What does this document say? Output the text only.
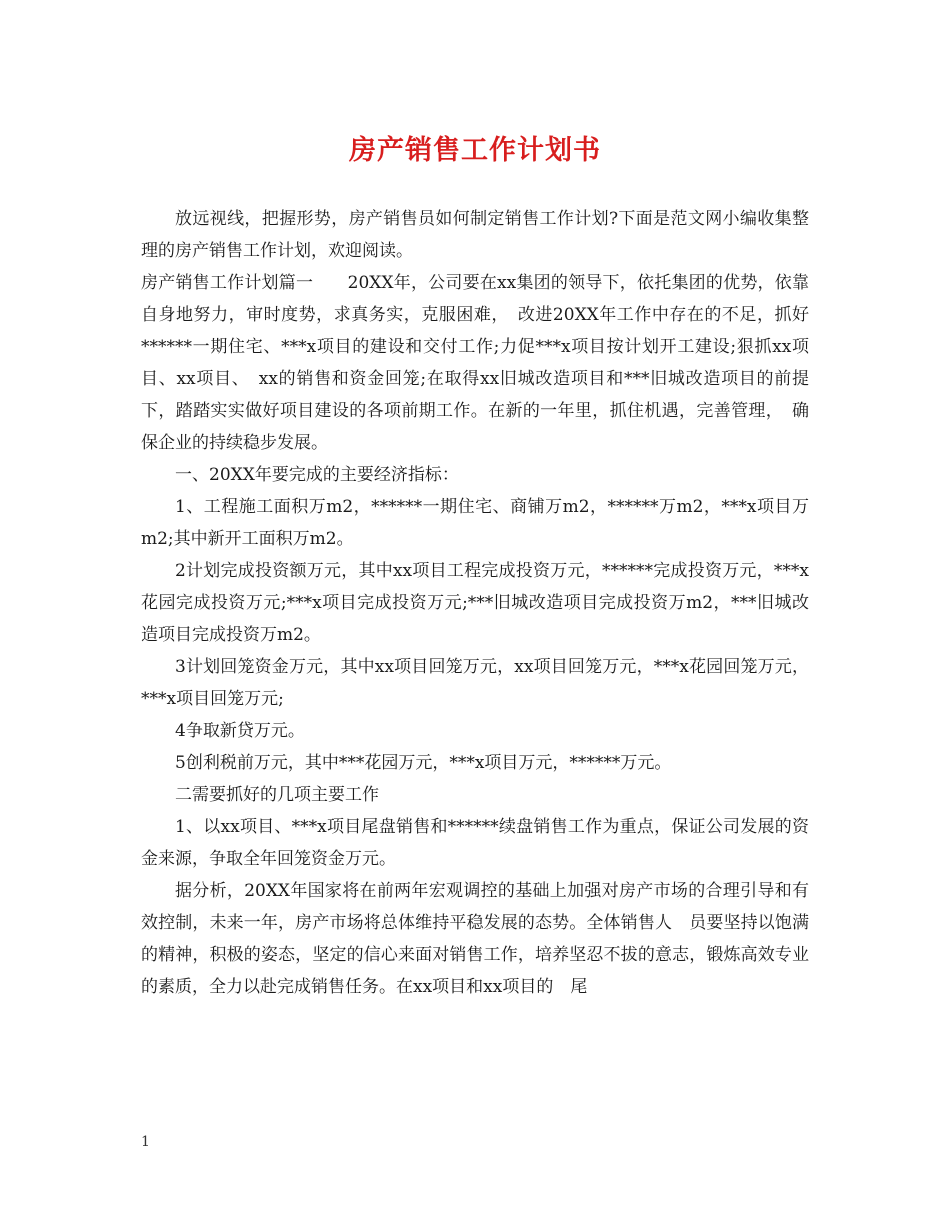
房产销售工作计划书

放远视线，把握形势，房产销售员如何制定销售工作计划?下面是范文网小编收集整理的房产销售工作计划，欢迎阅读。

房产销售工作计划篇一　　20XX年，公司要在xx集团的领导下，依托集团的优势，依靠自身地努力，审时度势，求真务实，克服困难，　改进20XX年工作中存在的不足，抓好******一期住宅、***x项目的建设和交付工作;力促***x项目按计划开工建设;狠抓xx项目、xx项目、　xx的销售和资金回笼;在取得xx旧城改造项目和***旧城改造项目的前提下，踏踏实实做好项目建设的各项前期工作。在新的一年里，抓住机遇，完善管理，　确保企业的持续稳步发展。

一、20XX年要完成的主要经济指标：

1、工程施工面积万m2，******一期住宅、商铺万m2，******万m2，***x项目万m2;其中新开工面积万m2。

2计划完成投资额万元，其中xx项目工程完成投资万元，******完成投资万元，***x花园完成投资万元;***x项目完成投资万元;***旧城改造项目完成投资万m2，***旧城改造项目完成投资万m2。

3计划回笼资金万元，其中xx项目回笼万元，xx项目回笼万元，***x花园回笼万元，***x项目回笼万元;

4争取新贷万元。

5创利税前万元，其中***花园万元，***x项目万元，******万元。

二需要抓好的几项主要工作

1、以xx项目、***x项目尾盘销售和******续盘销售工作为重点，保证公司发展的资金来源，争取全年回笼资金万元。

据分析，20XX年国家将在前两年宏观调控的基础上加强对房产市场的合理引导和有效控制，未来一年，房产市场将总体维持平稳发展的态势。全体销售人　员要坚持以饱满的精神，积极的姿态，坚定的信心来面对销售工作，培养坚忍不拔的意志，锻炼高效专业的素质，全力以赴完成销售任务。在xx项目和xx项目的　尾

1
